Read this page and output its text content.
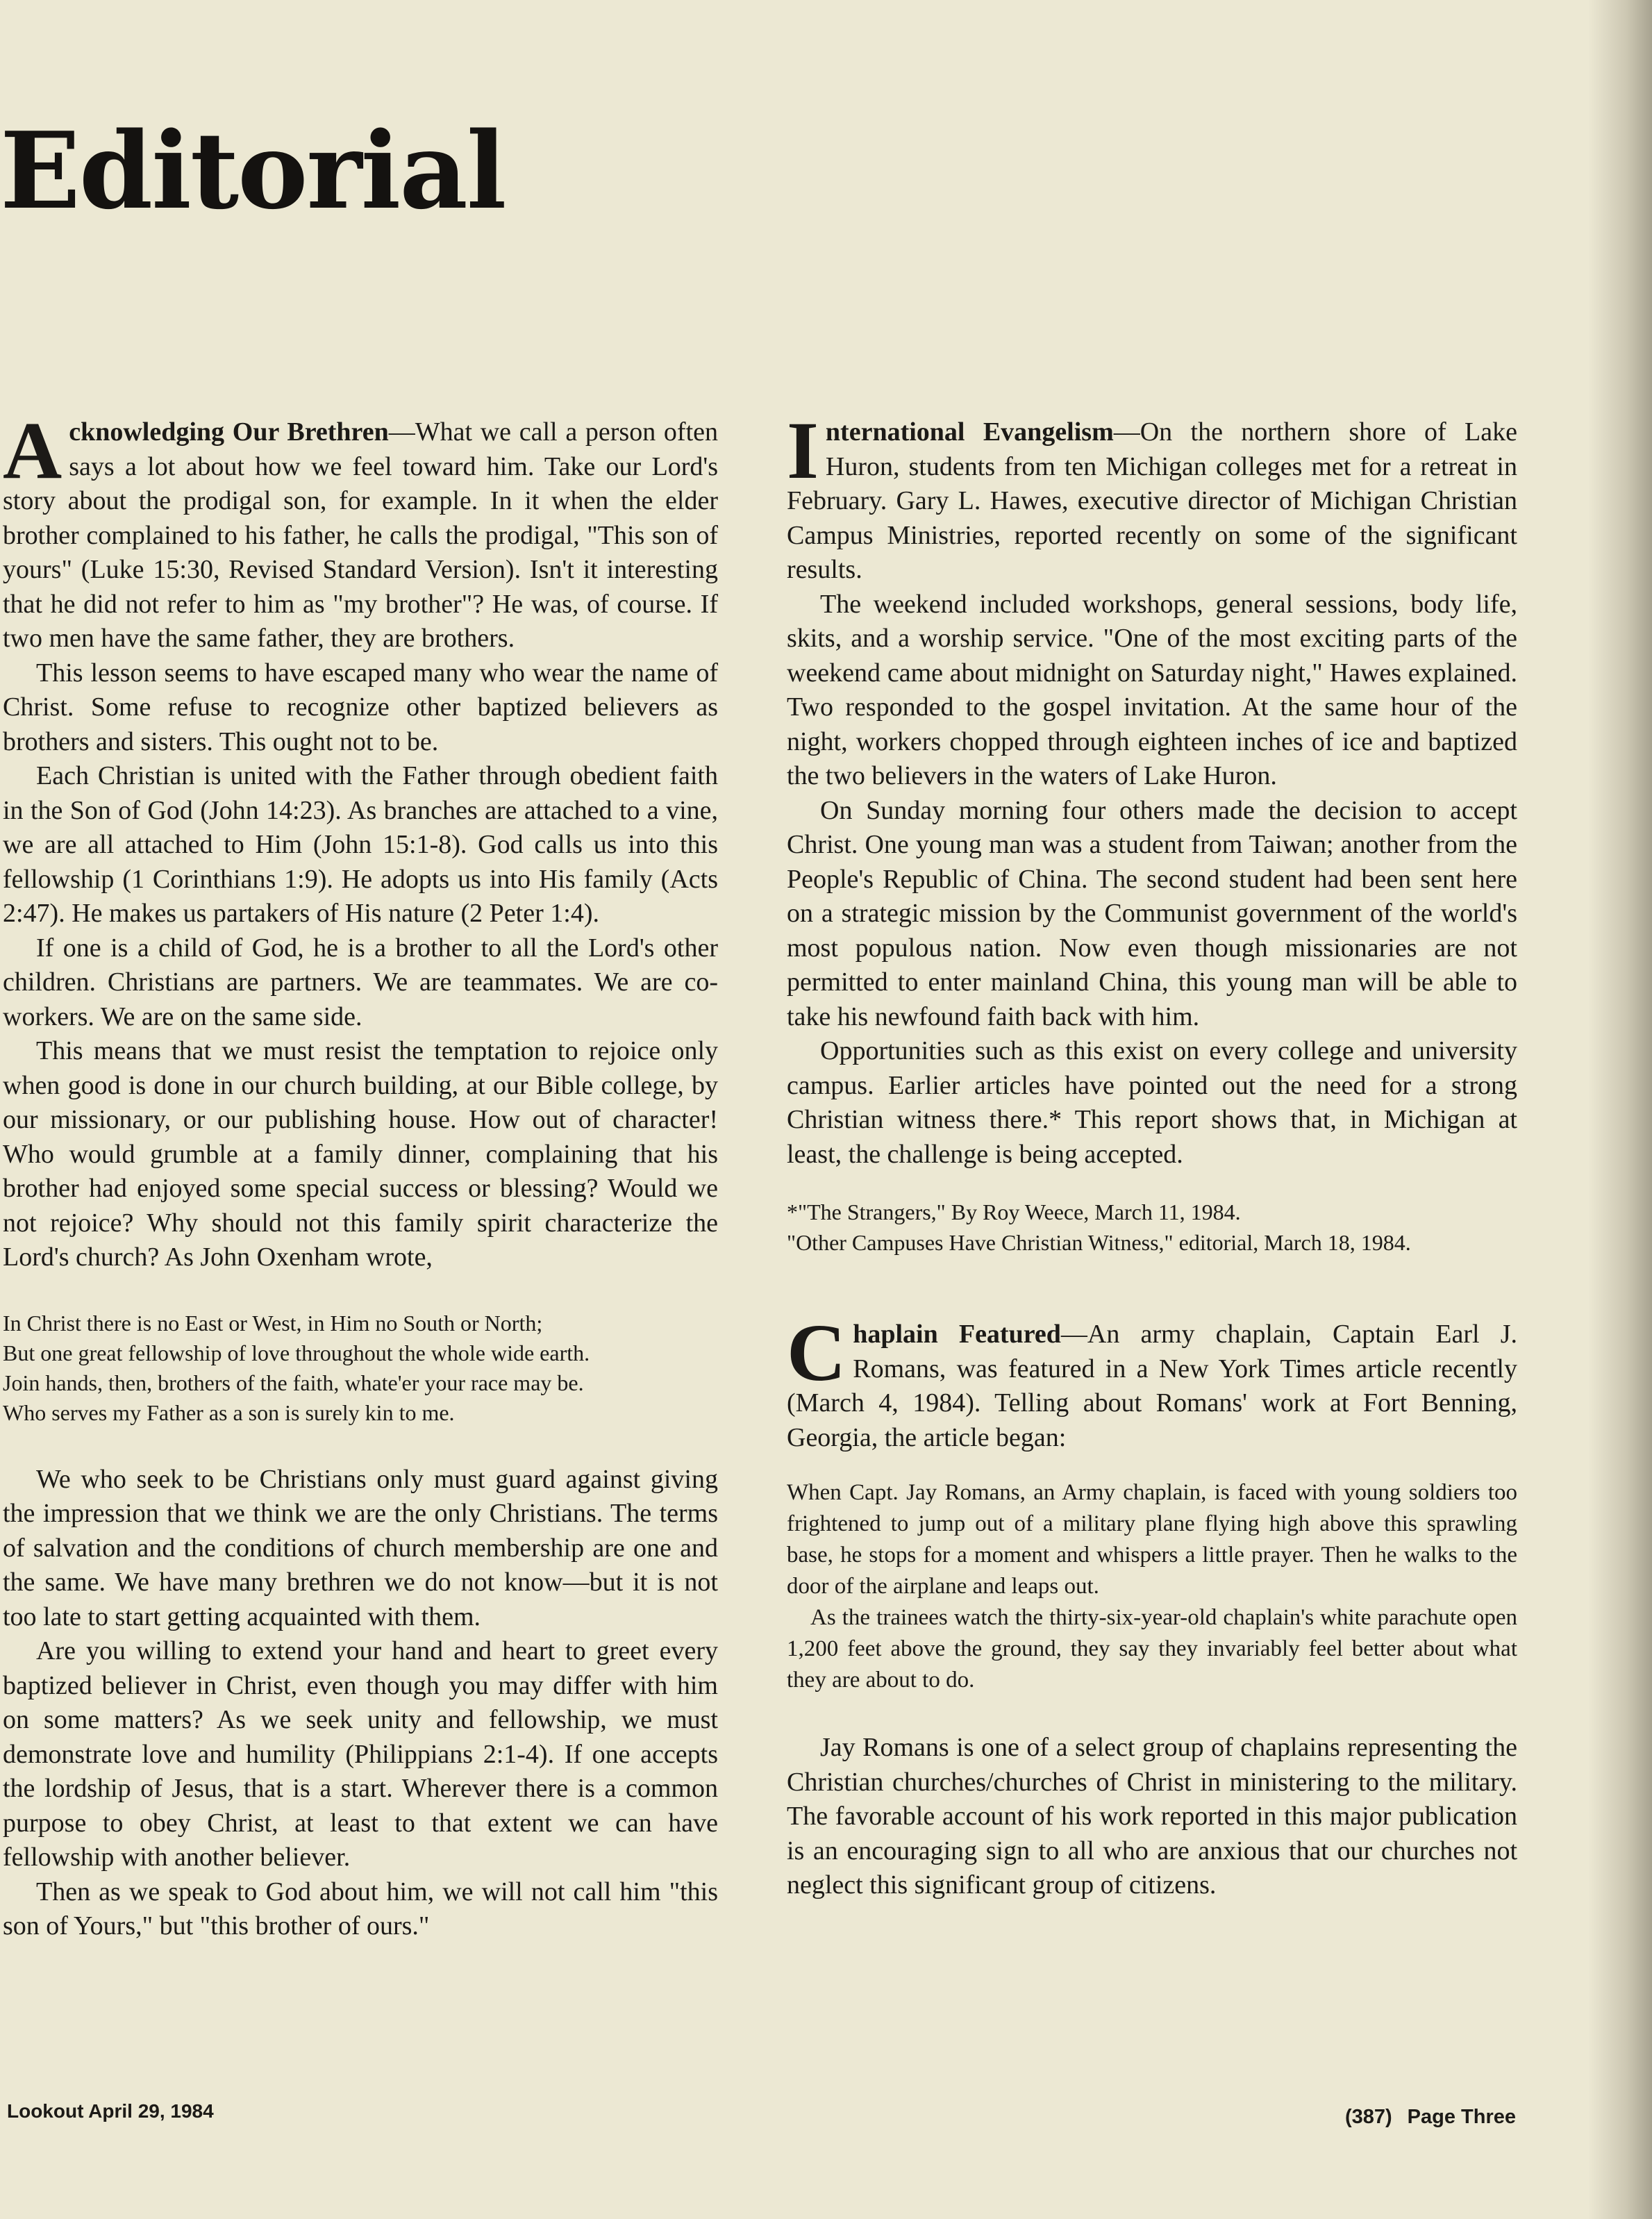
Editorial

Acknowledging Our Brethren—What we call a person often says a lot about how we feel toward him. Take our Lord's story about the prodigal son, for example. In it when the elder brother complained to his father, he calls the prodigal, "This son of yours" (Luke 15:30, Revised Standard Version). Isn't it interesting that he did not refer to him as "my brother"? He was, of course. If two men have the same father, they are brothers.

This lesson seems to have escaped many who wear the name of Christ. Some refuse to recognize other baptized believers as brothers and sisters. This ought not to be.

Each Christian is united with the Father through obedient faith in the Son of God (John 14:23). As branches are attached to a vine, we are all attached to Him (John 15:1-8). God calls us into this fellowship (1 Corinthians 1:9). He adopts us into His family (Acts 2:47). He makes us partakers of His nature (2 Peter 1:4).

If one is a child of God, he is a brother to all the Lord's other children. Christians are partners. We are teammates. We are co-workers. We are on the same side.

This means that we must resist the temptation to rejoice only when good is done in our church building, at our Bible college, by our missionary, or our publishing house. How out of character! Who would grumble at a family dinner, complaining that his brother had enjoyed some special success or blessing? Would we not rejoice? Why should not this family spirit characterize the Lord's church? As John Oxenham wrote,

In Christ there is no East or West, in Him no South or North;
But one great fellowship of love throughout the whole wide earth.
Join hands, then, brothers of the faith, whate'er your race may be.
Who serves my Father as a son is surely kin to me.

We who seek to be Christians only must guard against giving the impression that we think we are the only Christians. The terms of salvation and the conditions of church membership are one and the same. We have many brethren we do not know—but it is not too late to start getting acquainted with them.

Are you willing to extend your hand and heart to greet every baptized believer in Christ, even though you may differ with him on some matters? As we seek unity and fellowship, we must demonstrate love and humility (Philippians 2:1-4). If one accepts the lordship of Jesus, that is a start. Wherever there is a common purpose to obey Christ, at least to that extent we can have fellowship with another believer.

Then as we speak to God about him, we will not call him "this son of Yours," but "this brother of ours."

International Evangelism—On the northern shore of Lake Huron, students from ten Michigan colleges met for a retreat in February. Gary L. Hawes, executive director of Michigan Christian Campus Ministries, reported recently on some of the significant results.

The weekend included workshops, general sessions, body life, skits, and a worship service. "One of the most exciting parts of the weekend came about midnight on Saturday night," Hawes explained. Two responded to the gospel invitation. At the same hour of the night, workers chopped through eighteen inches of ice and baptized the two believers in the waters of Lake Huron.

On Sunday morning four others made the decision to accept Christ. One young man was a student from Taiwan; another from the People's Republic of China. The second student had been sent here on a strategic mission by the Communist government of the world's most populous nation. Now even though missionaries are not permitted to enter mainland China, this young man will be able to take his newfound faith back with him.

Opportunities such as this exist on every college and university campus. Earlier articles have pointed out the need for a strong Christian witness there.* This report shows that, in Michigan at least, the challenge is being accepted.

*"The Strangers," By Roy Weece, March 11, 1984.
"Other Campuses Have Christian Witness," editorial, March 18, 1984.

Chaplain Featured—An army chaplain, Captain Earl J. Romans, was featured in a New York Times article recently (March 4, 1984). Telling about Romans' work at Fort Benning, Georgia, the article began:

When Capt. Jay Romans, an Army chaplain, is faced with young soldiers too frightened to jump out of a military plane flying high above this sprawling base, he stops for a moment and whispers a little prayer. Then he walks to the door of the airplane and leaps out.

As the trainees watch the thirty-six-year-old chaplain's white parachute open 1,200 feet above the ground, they say they invariably feel better about what they are about to do.

Jay Romans is one of a select group of chaplains representing the Christian churches/churches of Christ in ministering to the military. The favorable account of his work reported in this major publication is an encouraging sign to all who are anxious that our churches not neglect this significant group of citizens.

Lookout April 29, 1984	(387) Page Three
